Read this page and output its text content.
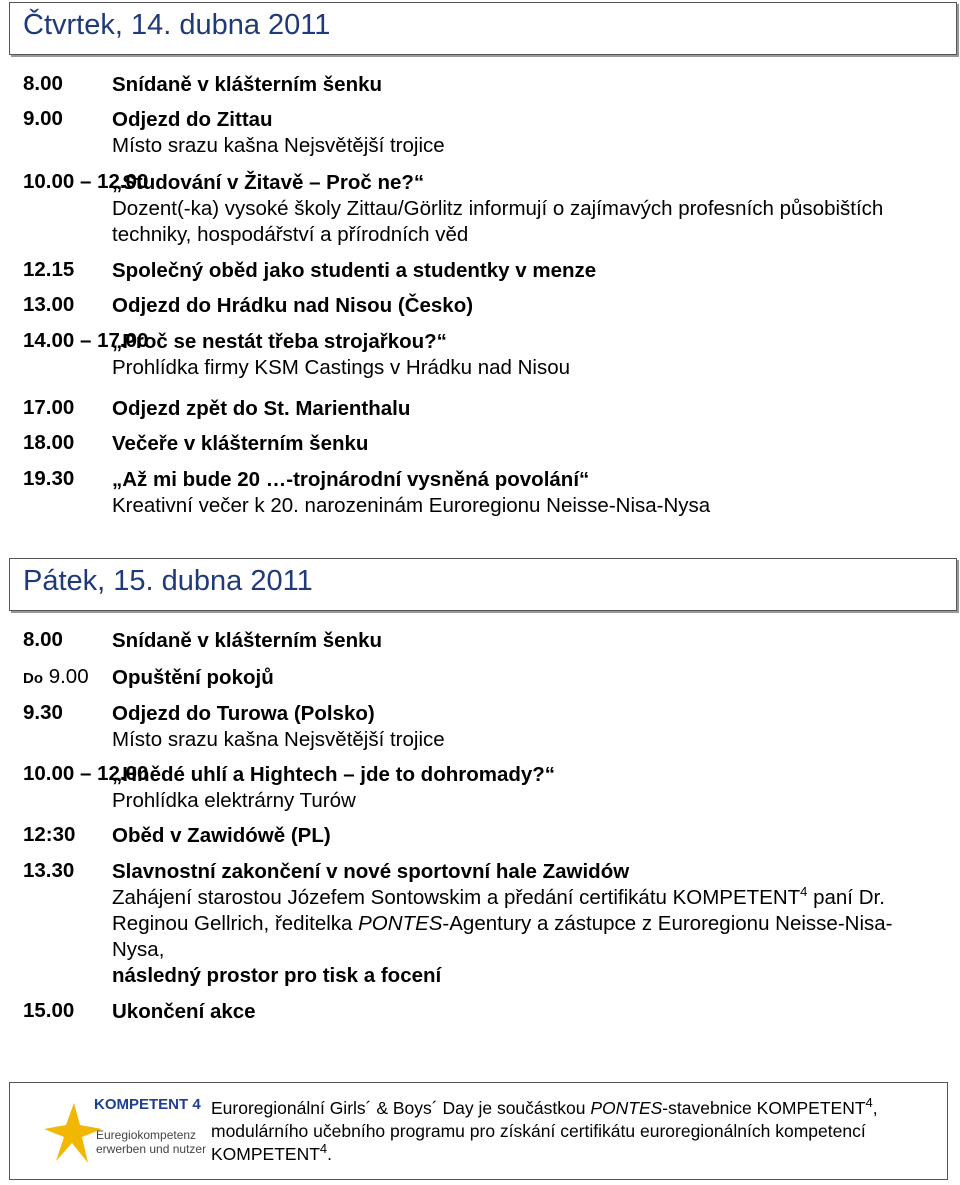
Čtvrtek, 14. dubna 2011
8.00 Snídaně v klášterním šenku
9.00 Odjezd do Zittau
Místo srazu kašna Nejsvětější trojice
10.00 – 12.00
„Studování v Žitavě – Proč ne?“
Dozent(-ka) vysoké školy Zittau/Görlitz informují o zajímavých profesních působištích techniky, hospodářství a přírodních věd
12.15 Společný oběd jako studenti a studentky v menze
13.00 Odjezd do Hrádku nad Nisou (Česko)
14.00 – 17.00
„Proč se nestát třeba strojařkou?“
Prohlídka firmy KSM Castings v Hrádku nad Nisou
17.00 Odjezd zpět do St. Marienthalu
18.00 Večeře v klášterním šenku
19.30 „Až mi bude 20 …-trojnárodní vysněná povolání“
Kreativní večer k 20. narozeninám Euroregionu Neisse-Nisa-Nysa
Pátek, 15. dubna 2011
8.00 Snídaně v klášterním šenku
Do 9.00 Opuštění pokojů
9.30 Odjezd do Turowa (Polsko)
Místo srazu kašna Nejsvětější trojice
10.00 – 12.00
„Hnědé uhlí a Hightech – jde to dohromady?“
Prohlídka elektrárny Turów
12:30 Oběd v Zawidówě (PL)
13.30 Slavnostní zakončení v nové sportovní hale Zawidów
Zahájení starostou Józefem Sontowskim a předání certifikátu KOMPETENT$^4$ paní Dr. Reginou Gellrich, ředitelka PONTES-Agentury a zástupce z Euroregionu Neisse-Nisa-Nysa,
následný prostor pro tisk a focení
15.00 Ukončení akce
KOMPETENT 4
Euregiokompetenz
erwerben und nutzen
Euroregionální Girls´ & Boys´ Day je součástkou PONTES-stavebnice KOMPETENT$^4$, modulárního učebního programu pro získání certifikátu euroregionálních kompetencí KOMPETENT$^4$.
